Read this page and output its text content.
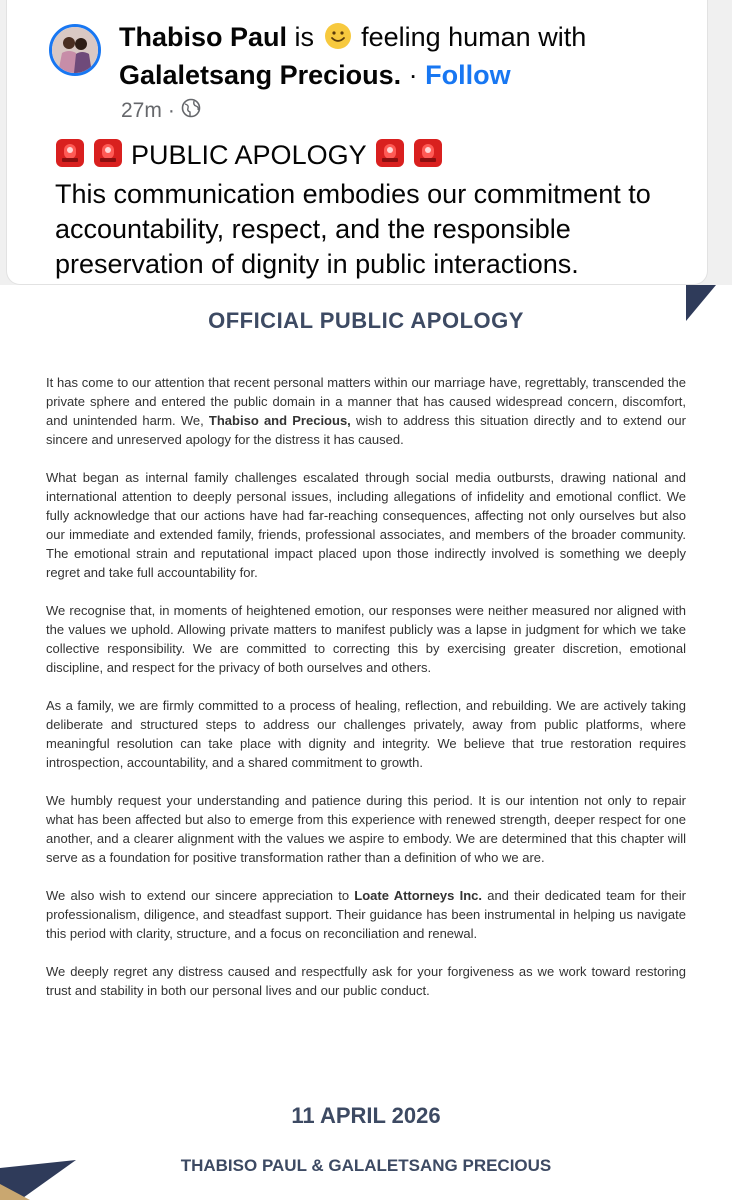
Thabiso Paul is feeling human with
Galaletsang Precious. · Follow
27m ·
PUBLIC APOLOGY
This communication embodies our commitment to accountability, respect, and the responsible preservation of dignity in public interactions.
OFFICIAL PUBLIC APOLOGY

It has come to our attention that recent personal matters within our marriage have, regrettably, transcended the private sphere and entered the public domain in a manner that has caused widespread concern, discomfort, and unintended harm. We, Thabiso and Precious, wish to address this situation directly and to extend our sincere and unreserved apology for the distress it has caused.

What began as internal family challenges escalated through social media outbursts, drawing national and international attention to deeply personal issues, including allegations of infidelity and emotional conflict. We fully acknowledge that our actions have had far-reaching consequences, affecting not only ourselves but also our immediate and extended family, friends, professional associates, and members of the broader community. The emotional strain and reputational impact placed upon those indirectly involved is something we deeply regret and take full accountability for.

We recognise that, in moments of heightened emotion, our responses were neither measured nor aligned with the values we uphold. Allowing private matters to manifest publicly was a lapse in judgment for which we take collective responsibility. We are committed to correcting this by exercising greater discretion, emotional discipline, and respect for the privacy of both ourselves and others.

As a family, we are firmly committed to a process of healing, reflection, and rebuilding. We are actively taking deliberate and structured steps to address our challenges privately, away from public platforms, where meaningful resolution can take place with dignity and integrity. We believe that true restoration requires introspection, accountability, and a shared commitment to growth.

We humbly request your understanding and patience during this period. It is our intention not only to repair what has been affected but also to emerge from this experience with renewed strength, deeper respect for one another, and a clearer alignment with the values we aspire to embody. We are determined that this chapter will serve as a foundation for positive transformation rather than a definition of who we are.

We also wish to extend our sincere appreciation to Loate Attorneys Inc. and their dedicated team for their professionalism, diligence, and steadfast support. Their guidance has been instrumental in helping us navigate this period with clarity, structure, and a focus on reconciliation and renewal.

We deeply regret any distress caused and respectfully ask for your forgiveness as we work toward restoring trust and stability in both our personal lives and our public conduct.

11 APRIL 2026
THABISO PAUL & GALALETSANG PRECIOUS
